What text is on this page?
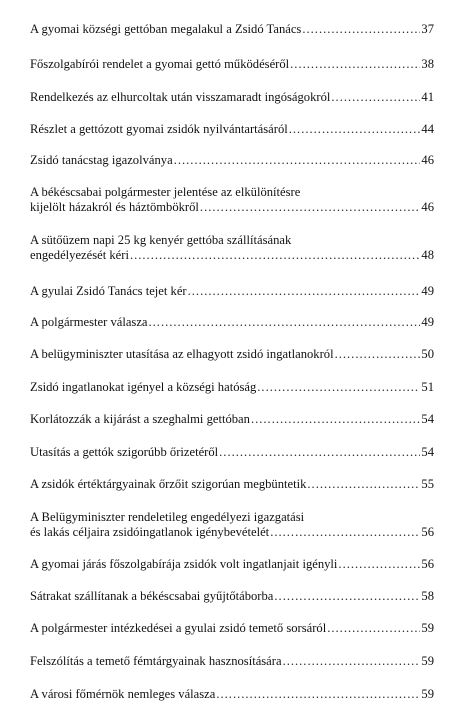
A gyomai községi gettóban megalakul a Zsidó Tanács .....	37
Főszolgabírói rendelet a gyomai gettó működéséről .....	38
Rendelkezés az elhurcoltak után visszamaradt ingóságokról .....	41
Részlet a gettózott gyomai zsidók nyilvántartásáról .....	44
Zsidó tanácstag igazolványa .....	46
A békéscsabai polgármester jelentése az elkülönítésre
kijelölt házakról és háztömbökről .....	46
A sütőüzem napi 25 kg kenyér gettóba szállításának
engedélyezését kéri .....	48
A gyulai Zsidó Tanács tejet kér .....	49
A polgármester válasza .....	49
A belügyminiszter utasítása az elhagyott zsidó ingatlanokról .....	50
Zsidó ingatlanokat igényel a községi hatóság .....	51
Korlátozzák a kijárást a szeghalmi gettóban .....	54
Utasítás a gettók szigorúbb őrizetéről .....	54
A zsidók értéktárgyainak őrzőit szigorúan megbüntetik .....	55
A Belügyminiszter rendeletileg engedélyezi igazgatási
és lakás céljaira zsidóingatlanok igénybevételét .....	56
A gyomai járás főszolgabírája zsidók volt ingatlanjait igényli .....	56
Sátrakat szállítanak a békéscsabai gyűjtőtáborba .....	58
A polgármester intézkedései a gyulai zsidó temető sorsáról .....	59
Felszólítás a temető fémtárgyainak hasznosítására .....	59
A városi főmérnök nemleges válasza .....	59
